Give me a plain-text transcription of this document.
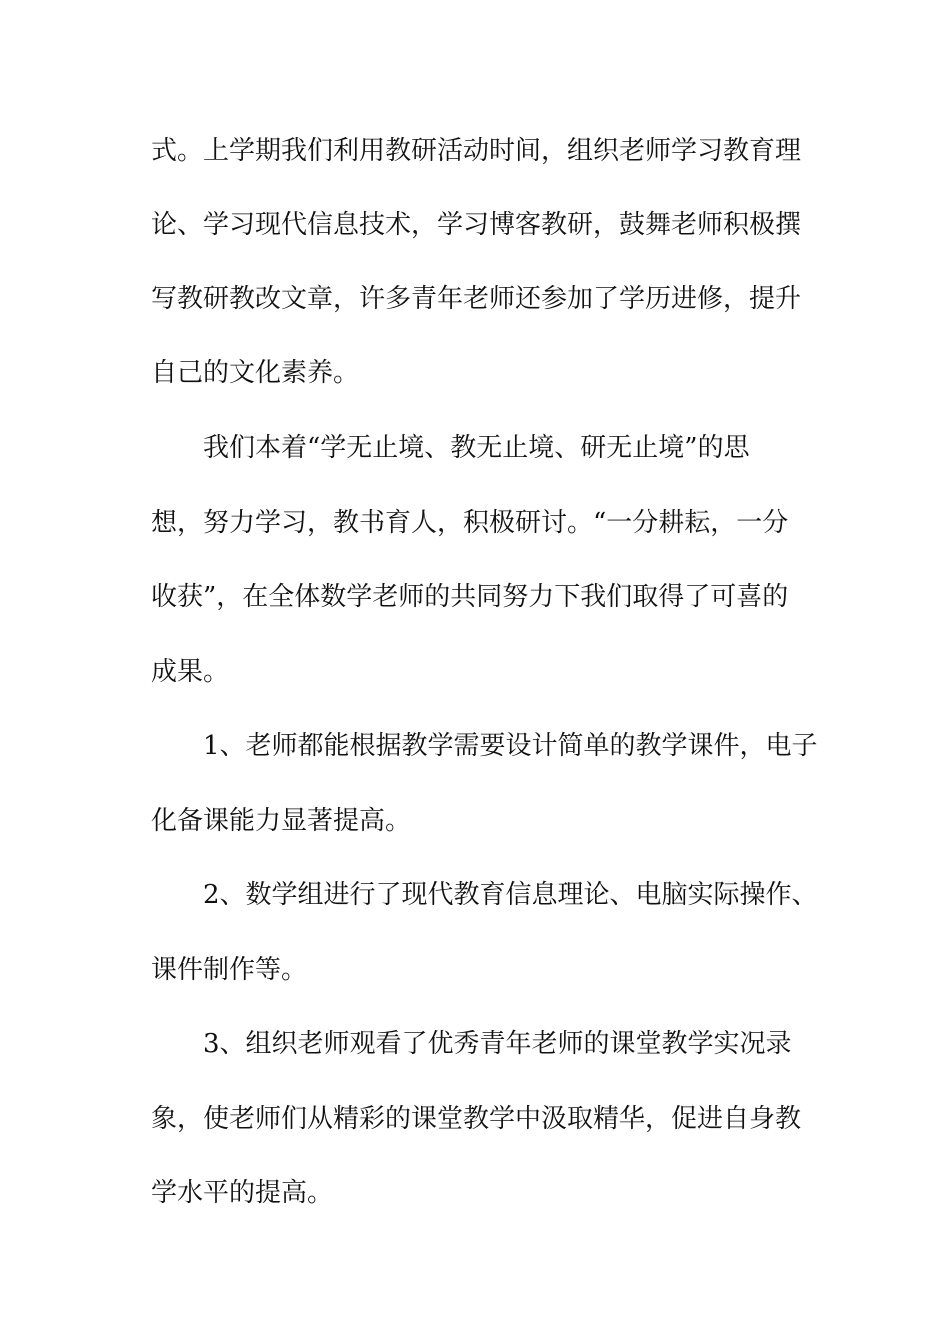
式。上学期我们利用教研活动时间，组织老师学习教育理
论、学习现代信息技术，学习博客教研，鼓舞老师积极撰
写教研教改文章，许多青年老师还参加了学历进修，提升
自己的文化素养。
我们本着“学无止境、教无止境、研无止境”的思
想，努力学习，教书育人，积极研讨。“一分耕耘，一分
收获”，在全体数学老师的共同努力下我们取得了可喜的
成果。
1、老师都能根据教学需要设计简单的教学课件，电子
化备课能力显著提高。
2、数学组进行了现代教育信息理论、电脑实际操作、
课件制作等。
3、组织老师观看了优秀青年老师的课堂教学实况录
象，使老师们从精彩的课堂教学中汲取精华，促进自身教
学水平的提高。
